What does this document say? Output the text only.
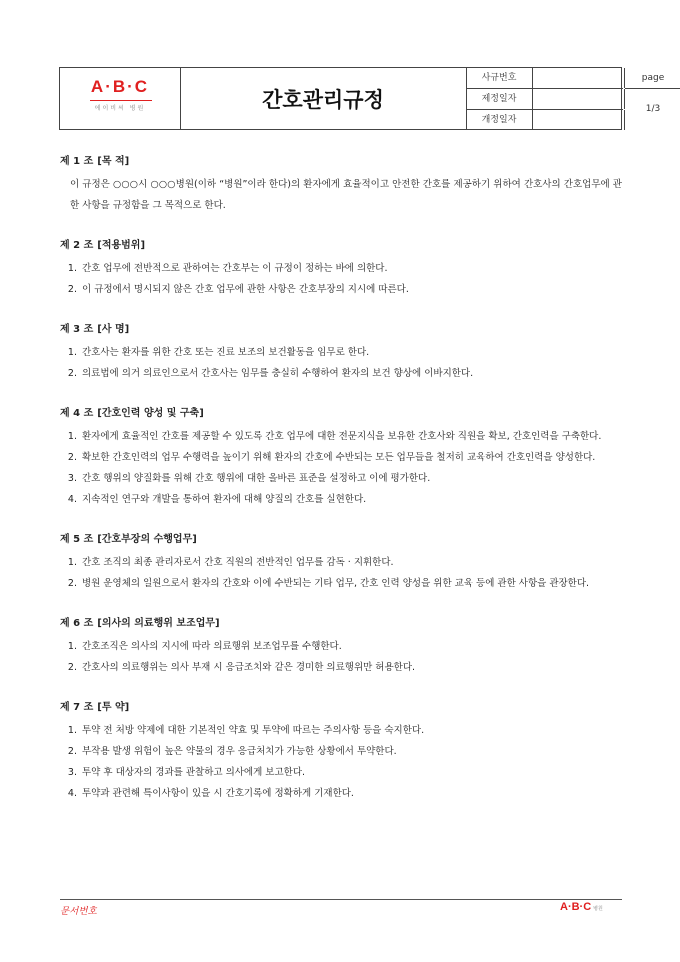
A·B·C
에이비씨 병원	간호관리규정
사규번호
제정일자
개정일자
page
1/3
제 1 조 [목 적]
이 규정은 ○○○시 ○○○병원(이하 “병원”이라 한다)의 환자에게 효율적이고 안전한 간호를 제공하기 위하여 간호사의 간호업무에 관한 사항을 규정함을 그 목적으로 한다.
제 2 조 [적용범위]
1. 간호 업무에 전반적으로 관하여는 간호부는 이 규정이 정하는 바에 의한다.
2. 이 규정에서 명시되지 않은 간호 업무에 관한 사항은 간호부장의 지시에 따른다.
제 3 조 [사 명]
1. 간호사는 환자를 위한 간호 또는 진료 보조의 보건활동을 임무로 한다.
2. 의료법에 의거 의료인으로서 간호사는 임무를 충실히 수행하여 환자의 보건 향상에 이바지한다.
제 4 조 [간호인력 양성 및 구축]
1. 환자에게 효율적인 간호를 제공할 수 있도록 간호 업무에 대한 전문지식을 보유한 간호사와 직원을 확보, 간호인력을 구축한다.
2. 확보한 간호인력의 업무 수행력을 높이기 위해 환자의 간호에 수반되는 모든 업무들을 철저히 교육하여 간호인력을 양성한다.
3. 간호 행위의 양질화를 위해 간호 행위에 대한 올바른 표준을 설정하고 이에 평가한다.
4. 지속적인 연구와 개발을 통하여 환자에 대해 양질의 간호를 실현한다.
제 5 조 [간호부장의 수행업무]
1. 간호 조직의 최종 관리자로서 간호 직원의 전반적인 업무를 감독 · 지휘한다.
2. 병원 운영체의 일원으로서 환자의 간호와 이에 수반되는 기타 업무, 간호 인력 양성을 위한 교육 등에 관한 사항을 관장한다.
제 6 조 [의사의 의료행위 보조업무]
1. 간호조직은 의사의 지시에 따라 의료행위 보조업무를 수행한다.
2. 간호사의 의료행위는 의사 부재 시 응급조치와 같은 경미한 의료행위만 허용한다.
제 7 조 [투 약]
1. 투약 전 처방 약제에 대한 기본적인 약효 및 투약에 따르는 주의사항 등을 숙지한다.
2. 부작용 발생 위험이 높은 약물의 경우 응급처치가 가능한 상황에서 투약한다.
3. 투약 후 대상자의 경과를 관찰하고 의사에게 보고한다.
4. 투약과 관련해 특이사항이 있을 시 간호기록에 정확하게 기재한다.
문서번호	A·B·C 병원
